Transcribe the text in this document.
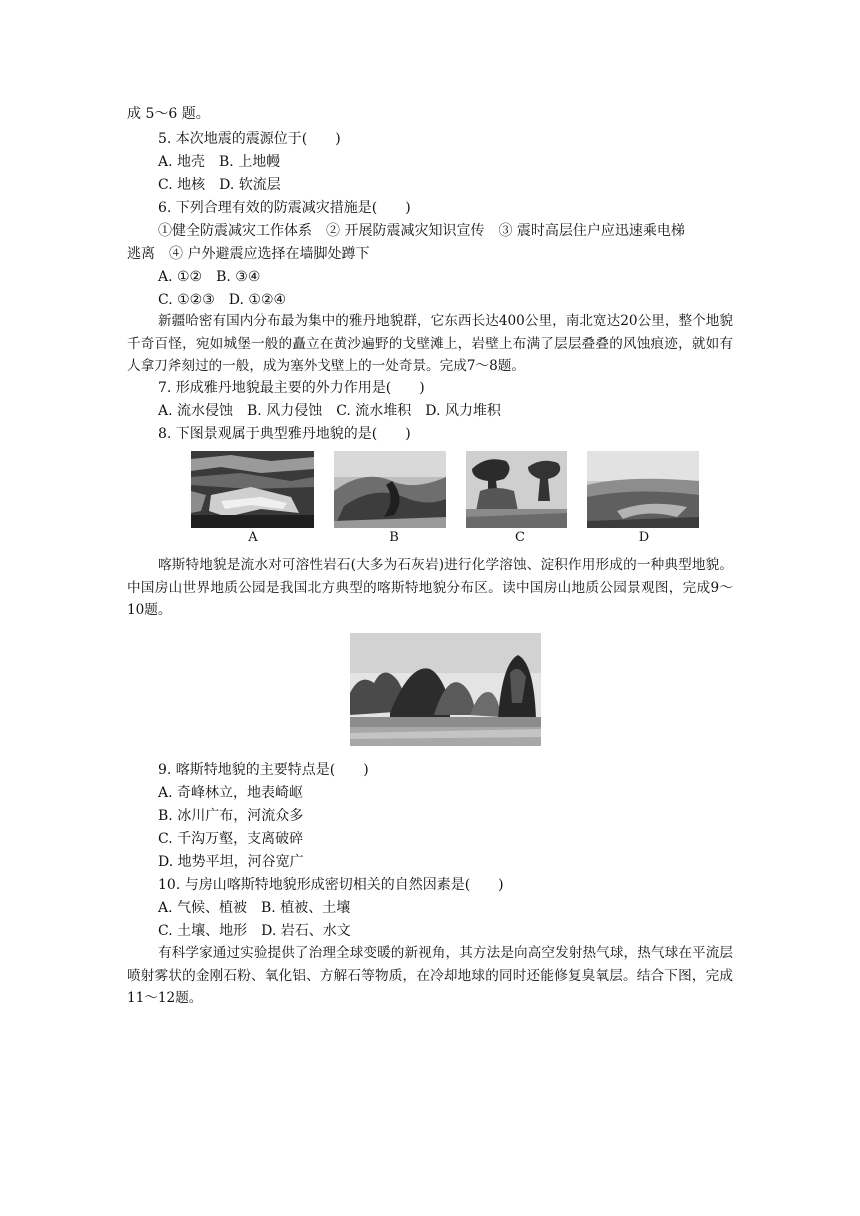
成 5～6 题。
5. 本次地震的震源位于(　　)
A. 地壳　B. 上地幔
C. 地核　D. 软流层
6. 下列合理有效的防震减灾措施是(　　)
①健全防震减灾工作体系　② 开展防震减灾知识宣传　③ 震时高层住户应迅速乘电梯
逃离　④ 户外避震应选择在墙脚处蹲下
A. ①②　B. ③④
C. ①②③　D. ①②④
新疆哈密有国内分布最为集中的雅丹地貌群，它东西长达400公里，南北宽达20公里，整个地貌千奇百怪，宛如城堡一般的矗立在黄沙遍野的戈壁滩上，岩壁上布满了层层叠叠的风蚀痕迹，就如有人拿刀斧刻过的一般，成为塞外戈壁上的一处奇景。完成7～8题。
7. 形成雅丹地貌最主要的外力作用是(　　)
A. 流水侵蚀　B. 风力侵蚀　C. 流水堆积　D. 风力堆积
8. 下图景观属于典型雅丹地貌的是(　　)
A	B	C	D
喀斯特地貌是流水对可溶性岩石(大多为石灰岩)进行化学溶蚀、淀积作用形成的一种典型地貌。中国房山世界地质公园是我国北方典型的喀斯特地貌分布区。读中国房山地质公园景观图，完成9～10题。
9. 喀斯特地貌的主要特点是(　　)
A. 奇峰林立，地表崎岖
B. 冰川广布，河流众多
C. 千沟万壑，支离破碎
D. 地势平坦，河谷宽广
10. 与房山喀斯特地貌形成密切相关的自然因素是(　　)
A. 气候、植被　B. 植被、土壤
C. 土壤、地形　D. 岩石、水文
有科学家通过实验提供了治理全球变暖的新视角，其方法是向高空发射热气球，热气球在平流层喷射雾状的金刚石粉、氧化铝、方解石等物质，在冷却地球的同时还能修复臭氧层。结合下图，完成11～12题。
